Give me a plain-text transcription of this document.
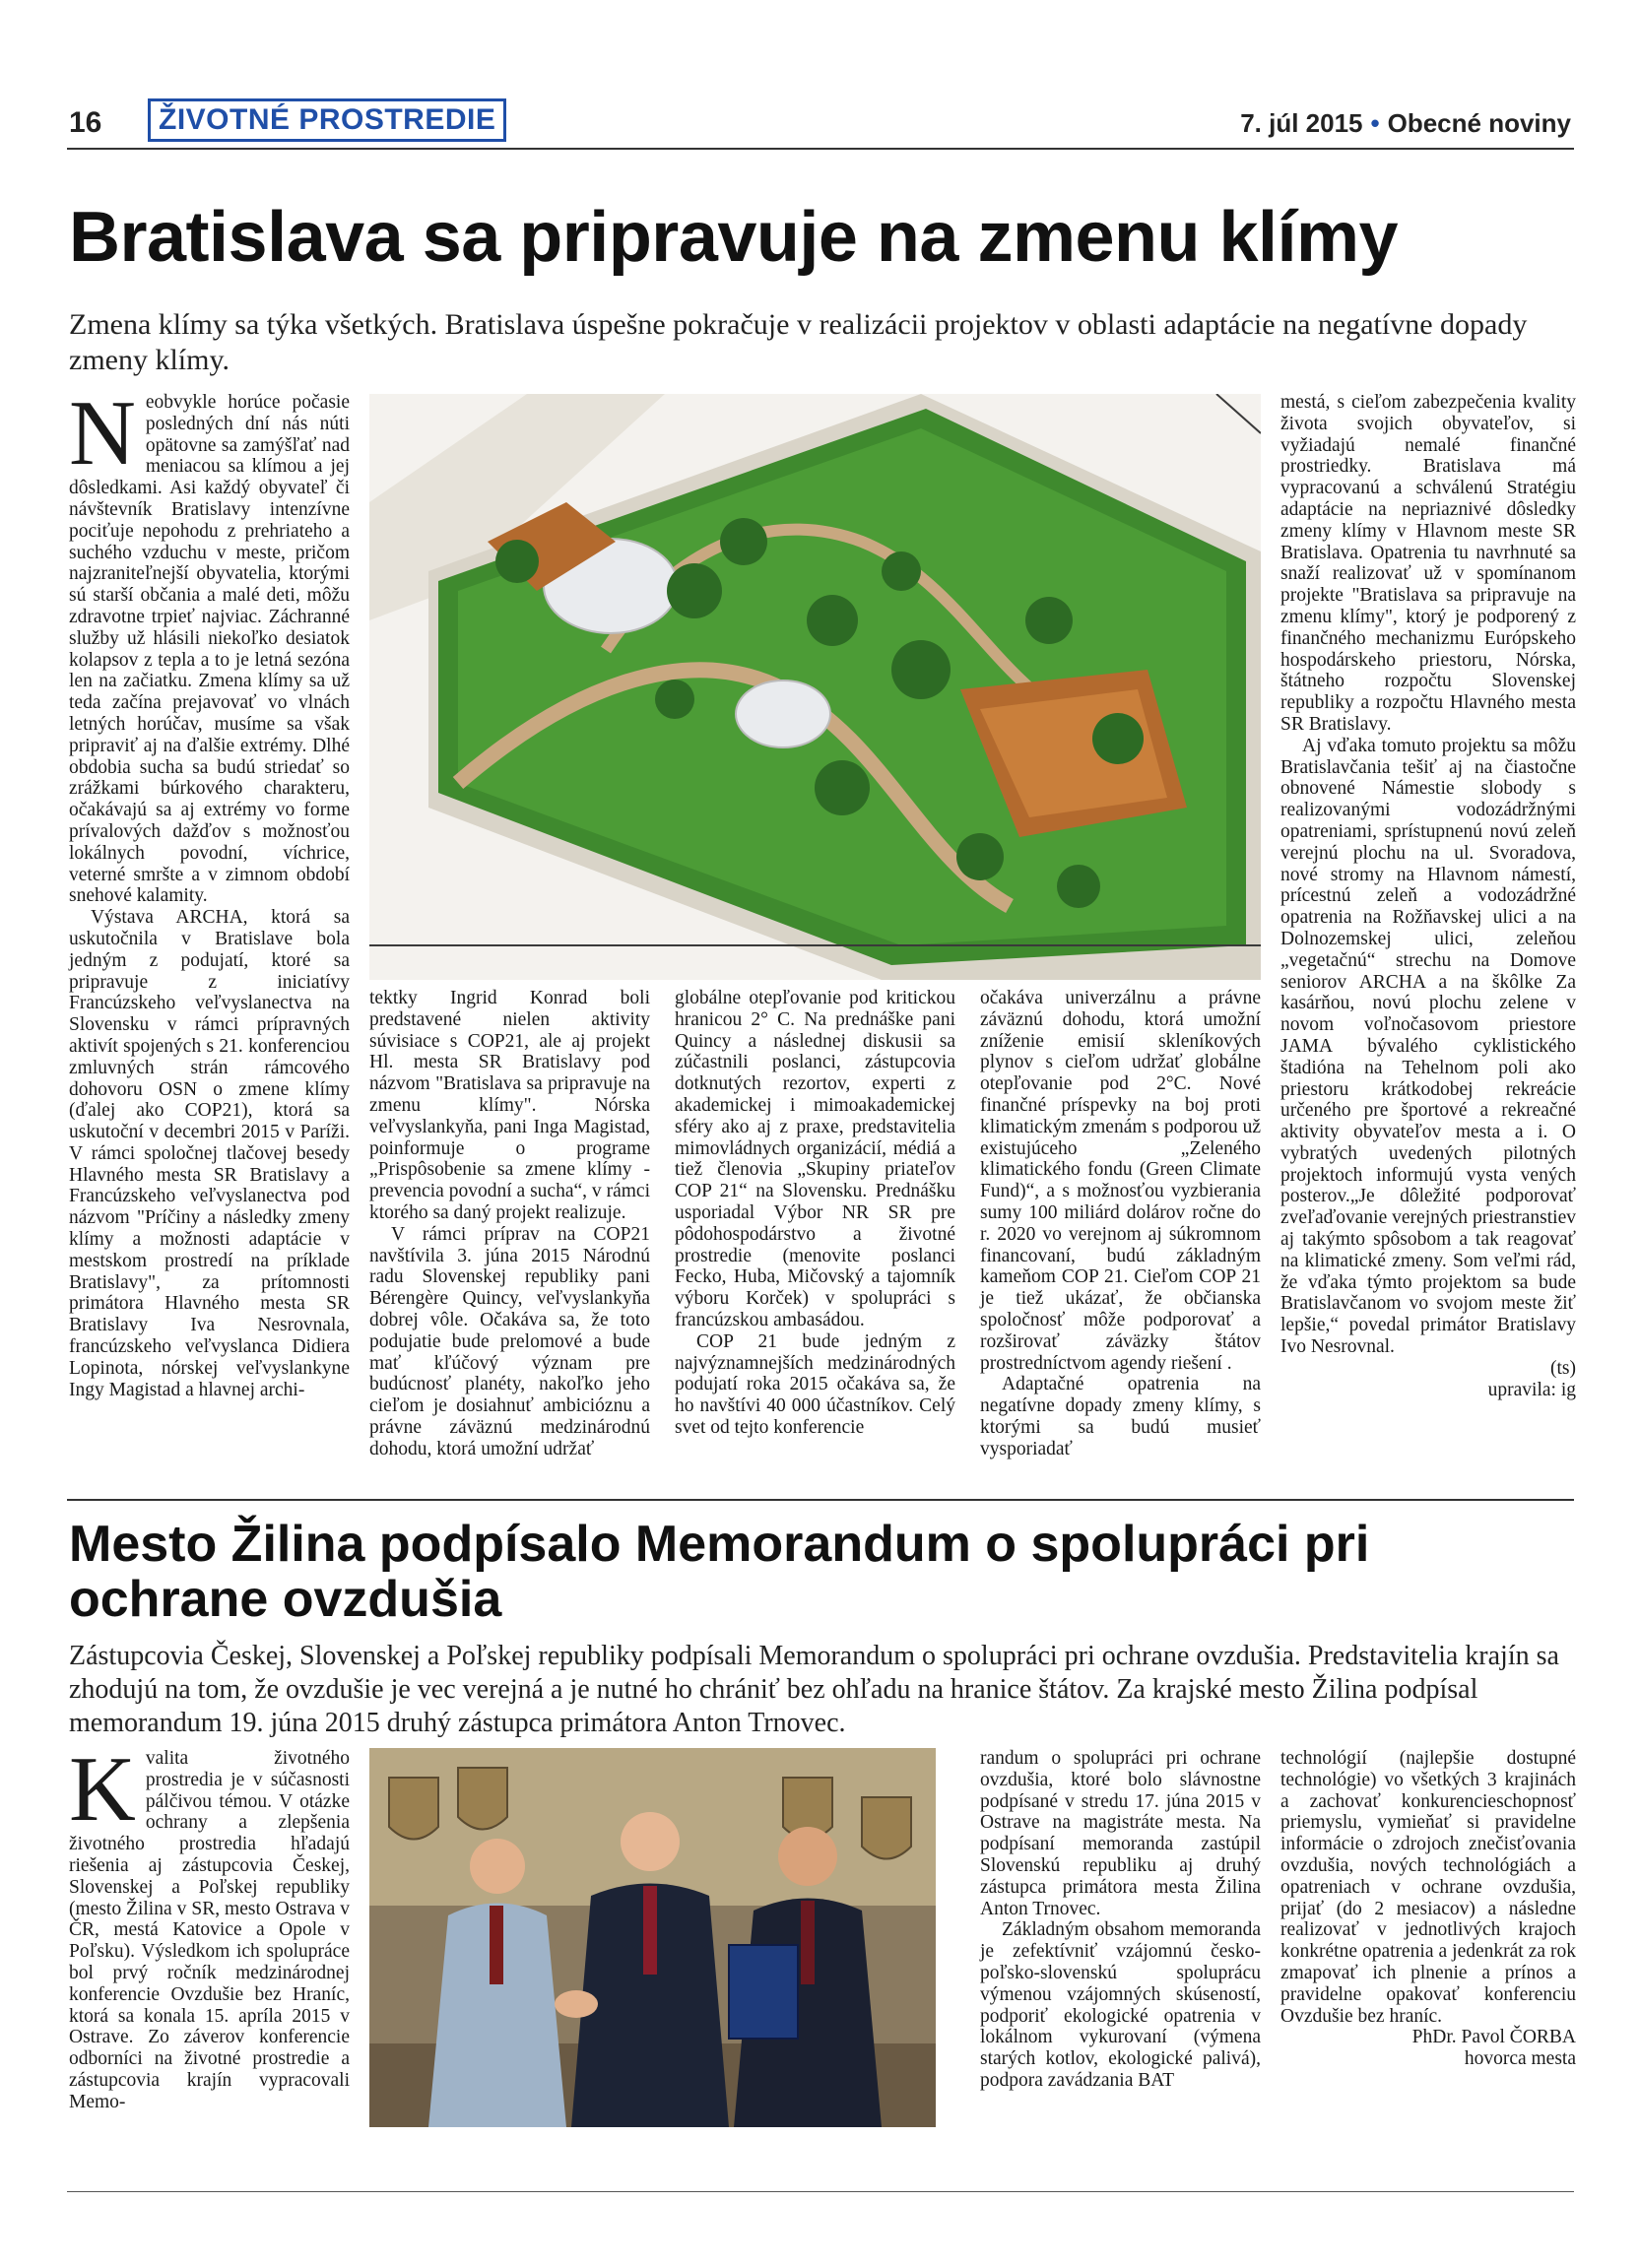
16	ŽIVOTNÉ PROSTREDIE	7. júl 2015 • Obecné noviny
Bratislava sa pripravuje na zmenu klímy
Zmena klímy sa týka všetkých. Bratislava úspešne pokračuje v realizácii projektov v oblasti adaptácie na negatívne dopady zmeny klímy.

Neobvykle horúce počasie posledných dní nás núti opätovne sa zamýšľať nad meniacou sa klímou a jej dôsledkami. Asi každý obyvateľ či návštevník Bratislavy intenzívne pociťuje nepohodu z prehriateho a suchého vzduchu v meste, pričom najzraniteľnejší obyvatelia, ktorými sú starší občania a malé deti, môžu zdravotne trpieť najviac. Záchranné služby už hlásili niekoľko desiatok kolapsov z tepla a to je letná sezóna len na začiatku. Zmena klímy sa už teda začína prejavovať vo vlnách letných horúčav, musíme sa však pripraviť aj na ďalšie extrémy. Dlhé obdobia sucha sa budú striedať so zrážkami búrkového charakteru, očakávajú sa aj extrémy vo forme prívalových dažďov s možnosťou lokálnych povodní, víchrice, veterné smršte a v zimnom období snehové kalamity.

Výstava ARCHA, ktorá sa uskutočnila v Bratislave bola jedným z podujatí, ktoré sa pripravuje z iniciatívy Francúzskeho veľvyslanectva na Slovensku v rámci prípravných aktivít spojených s 21. konferenciou zmluvných strán rámcového dohovoru OSN o zmene klímy (ďalej ako COP21), ktorá sa uskutoční v decembri 2015 v Paríži. V rámci spoločnej tlačovej besedy Hlavného mesta SR Bratislavy a Francúzskeho veľvyslanectva pod názvom "Príčiny a následky zmeny klímy a možnosti adaptácie v mestskom prostredí na príklade Bratislavy", za prítomnosti primátora Hlavného mesta SR Bratislavy Iva Nesrovnala, francúzskeho veľvyslanca Didiera Lopinota, nórskej veľvyslankyne Ingy Magistad a hlavnej archi-

tektky Ingrid Konrad boli predstavené nielen aktivity súvisiace s COP21, ale aj projekt Hl. mesta SR Bratislavy pod názvom "Bratislava sa pripravuje na zmenu klímy". Nórska veľvyslankyňa, pani Inga Magistad, poinformuje o programe „Prispôsobenie sa zmene klímy - prevencia povodní a sucha“, v rámci ktorého sa daný projekt realizuje.

V rámci príprav na COP21 navštívila 3. júna 2015 Národnú radu Slovenskej republiky pani Bérengère Quincy, veľvyslankyňa dobrej vôle. Očakáva sa, že toto podujatie bude prelomové a bude mať kľúčový význam pre budúcnosť planéty, nakoľko jeho cieľom je dosiahnuť ambicióznu a právne záväznú medzinárodnú dohodu, ktorá umožní udržať

globálne otepľovanie pod kritickou hranicou 2° C. Na prednáške pani Quincy a následnej diskusii sa zúčastnili poslanci, zástupcovia dotknutých rezortov, experti z akademickej i mimoakademickej sféry ako aj z praxe, predstavitelia mimovládnych organizácií, médiá a tiež členovia „Skupiny priateľov COP 21“ na Slovensku. Prednášku usporiadal Výbor NR SR pre pôdohospodárstvo a životné prostredie (menovite poslanci Fecko, Huba, Mičovský a tajomník výboru Korček) v spolupráci s francúzskou ambasádou.

COP 21 bude jedným z najvýznamnejších medzinárodných podujatí roka 2015 očakáva sa, že ho navštívi 40 000 účastníkov. Celý svet od tejto konferencie

očakáva univerzálnu a právne záväznú dohodu, ktorá umožní zníženie emisií skleníkových plynov s cieľom udržať globálne otepľovanie pod 2°C. Nové finančné príspevky na boj proti klimatickým zmenám s podporou už existujúceho „Zeleného klimatického fondu (Green Climate Fund)“, a s možnosťou vyzbierania sumy 100 miliárd dolárov ročne do r. 2020 vo verejnom aj súkromnom financovaní, budú základným kameňom COP 21. Cieľom COP 21 je tiež ukázať, že občianska spoločnosť môže podporovať a rozširovať záväzky štátov prostredníctvom agendy riešení .

Adaptačné opatrenia na negatívne dopady zmeny klímy, s ktorými sa budú musieť vysporiadať

mestá, s cieľom zabezpečenia kvality života svojich obyvateľov, si vyžiadajú nemalé finančné prostriedky. Bratislava má vypracovanú a schválenú Stratégiu adaptácie na nepriaznivé dôsledky zmeny klímy v Hlavnom meste SR Bratislava. Opatrenia tu navrhnuté sa snaží realizovať už v spomínanom projekte "Bratislava sa pripravuje na zmenu klímy", ktorý je podporený z finančného mechanizmu Európskeho hospodárskeho priestoru, Nórska, štátneho rozpočtu Slovenskej republiky a rozpočtu Hlavného mesta SR Bratislavy.

Aj vďaka tomuto projektu sa môžu Bratislavčania tešiť aj na čiastočne obnovené Námestie slobody s realizovanými vodozádržnými opatreniami, sprístupnenú novú zeleň verejnú plochu na ul. Svoradova, nové stromy na Hlavnom námestí, prícestnú zeleň a vodozádržné opatrenia na Rožňavskej ulici a na Dolnozemskej ulici, zeleňou „vegetačnú“ strechu na Domove seniorov ARCHA a na škôlke Za kasárňou, novú plochu zelene v novom voľnočasovom priestore JAMA bývalého cyklistického štadióna na Tehelnom poli ako priestoru krátkodobej rekreácie určeného pre športové a rekreačné aktivity obyvateľov mesta a i. O vybratých uvedených pilotných projektoch informujú vysta vených posterov.„Je dôležité podporovať zveľaďovanie verejných priestranstiev aj takýmto spôsobom a tak reagovať na klimatické zmeny. Som veľmi rád, že vďaka týmto projektom sa bude Bratislavčanom vo svojom meste žiť lepšie,“ povedal primátor Bratislavy Ivo Nesrovnal.

(ts)

upravila: ig

Mesto Žilina podpísalo Memorandum o spolupráci pri ochrane ovzdušia
Zástupcovia Českej, Slovenskej a Poľskej republiky podpísali Memorandum o spolupráci pri ochrane ovzdušia. Predstavitelia krajín sa zhodujú na tom, že ovzdušie je vec verejná a je nutné ho chrániť bez ohľadu na hranice štátov. Za krajské mesto Žilina podpísal memorandum 19. júna 2015 druhý zástupca primátora Anton Trnovec.

Kvalita životného prostredia je v súčasnosti pálčivou témou. V otázke ochrany a zlepšenia životného prostredia hľadajú riešenia aj zástupcovia Českej, Slovenskej a Poľskej republiky (mesto Žilina v SR, mesto Ostrava v ČR, mestá Katovice a Opole v Poľsku). Výsledkom ich spolupráce bol prvý ročník medzinárodnej konferencie Ovzdušie bez Hraníc, ktorá sa konala 15. apríla 2015 v Ostrave. Zo záverov konferencie odborníci na životné prostredie a zástupcovia krajín vypracovali Memo-

randum o spolupráci pri ochrane ovzdušia, ktoré bolo slávnostne podpísané v stredu 17. júna 2015 v Ostrave na magistráte mesta. Na podpísaní memoranda zastúpil Slovenskú republiku aj druhý zástupca primátora mesta Žilina Anton Trnovec.

Základným obsahom memoranda je zefektívniť vzájomnú česko-poľsko-slovenskú spoluprácu výmenou vzájomných skúseností, podporiť ekologické opatrenia v lokálnom vykurovaní (výmena starých kotlov, ekologické palivá), podpora zavádzania BAT

technológií (najlepšie dostupné technológie) vo všetkých 3 krajinách a zachovať konkurencieschopnosť priemyslu, vymieňať si pravidelne informácie o zdrojoch znečisťovania ovzdušia, nových technológiách a opatreniach v ochrane ovzdušia, prijať (do 2 mesiacov) a následne realizovať v jednotlivých krajoch konkrétne opatrenia a jedenkrát za rok zmapovať ich plnenie a prínos a pravidelne opakovať konferenciu Ovzdušie bez hraníc.

PhDr. Pavol ČORBA

hovorca mesta
